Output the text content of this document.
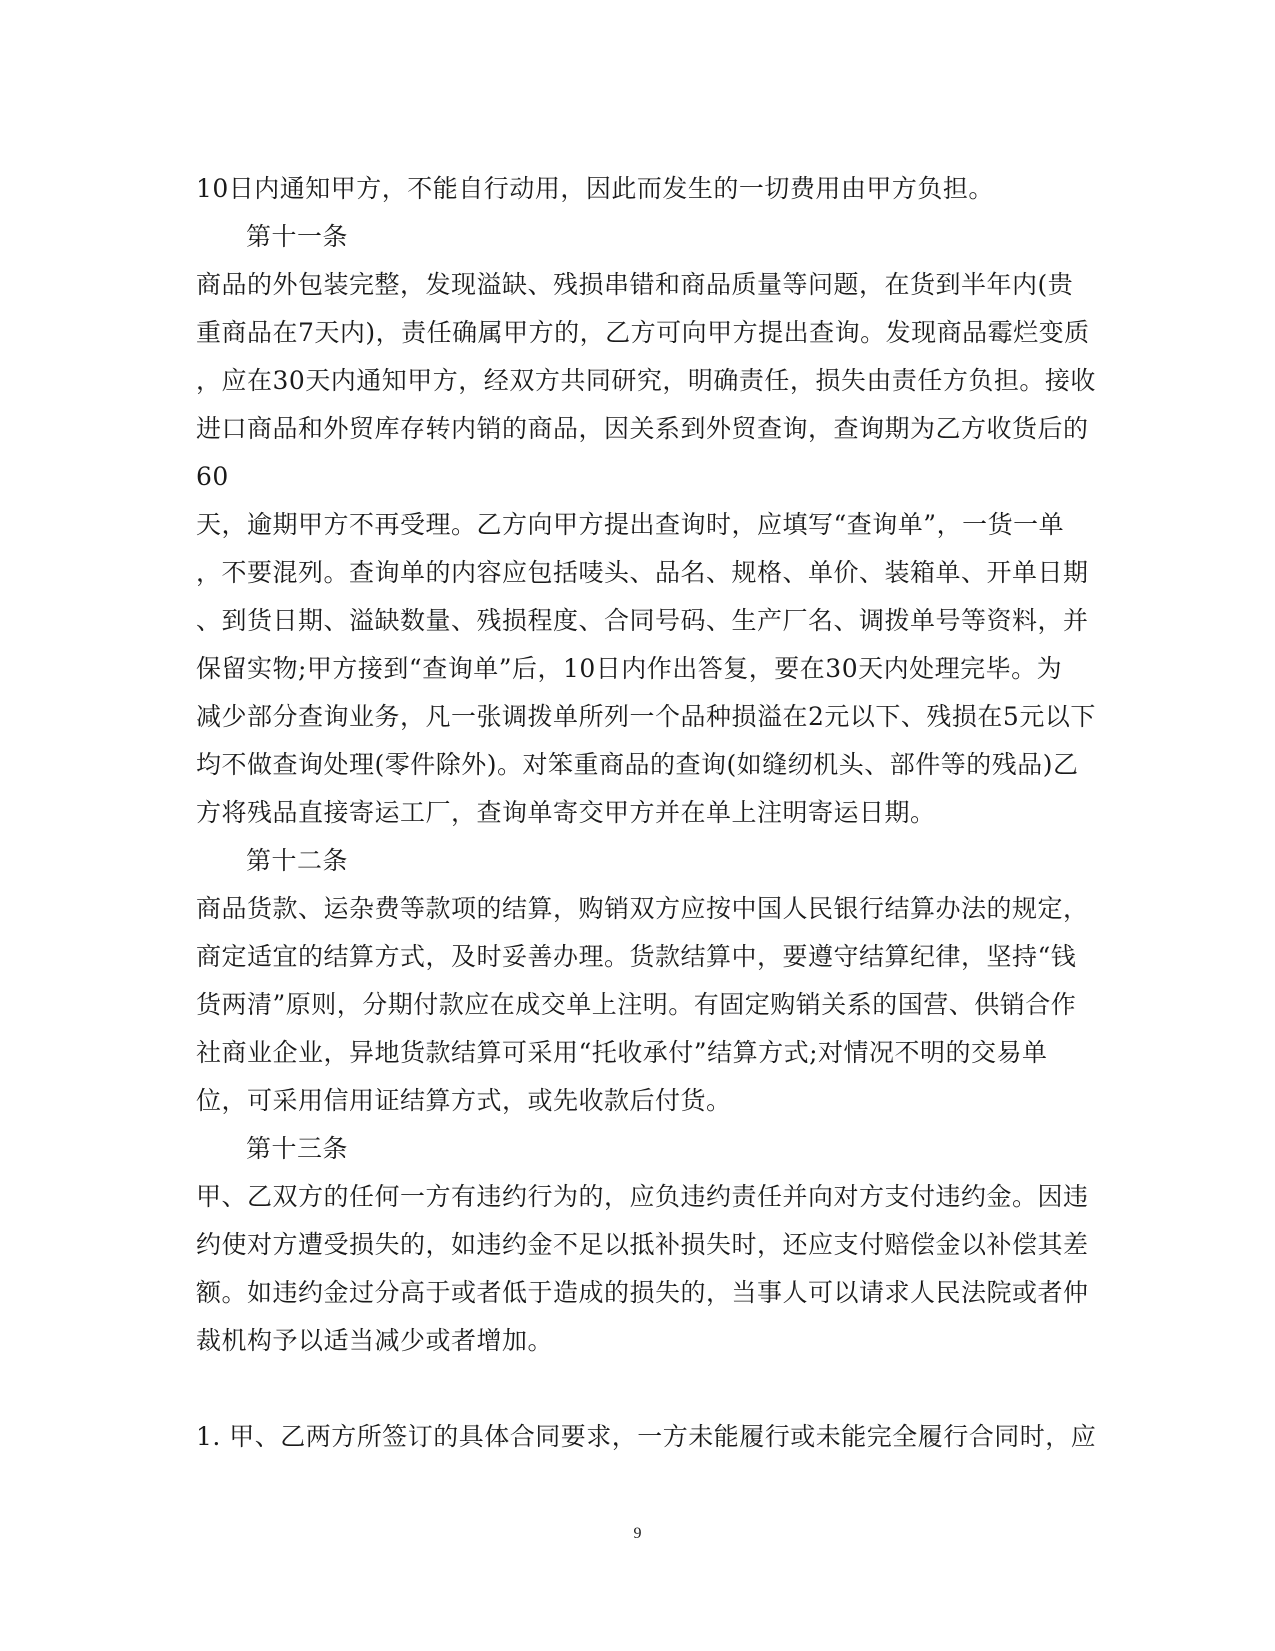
10日内通知甲方，不能自行动用，因此而发生的一切费用由甲方负担。
第十一条
商品的外包装完整，发现溢缺、残损串错和商品质量等问题，在货到半年内(贵
重商品在7天内)，责任确属甲方的，乙方可向甲方提出查询。发现商品霉烂变质
，应在30天内通知甲方，经双方共同研究，明确责任，损失由责任方负担。接收
进口商品和外贸库存转内销的商品，因关系到外贸查询，查询期为乙方收货后的
60
天，逾期甲方不再受理。乙方向甲方提出查询时，应填写“查询单”，一货一单
，不要混列。查询单的内容应包括唛头、品名、规格、单价、装箱单、开单日期
、到货日期、溢缺数量、残损程度、合同号码、生产厂名、调拨单号等资料，并
保留实物;甲方接到“查询单”后，10日内作出答复，要在30天内处理完毕。为
减少部分查询业务，凡一张调拨单所列一个品种损溢在2元以下、残损在5元以下
均不做查询处理(零件除外)。对笨重商品的查询(如缝纫机头、部件等的残品)乙
方将残品直接寄运工厂，查询单寄交甲方并在单上注明寄运日期。
第十二条
商品货款、运杂费等款项的结算，购销双方应按中国人民银行结算办法的规定，
商定适宜的结算方式，及时妥善办理。货款结算中，要遵守结算纪律，坚持“钱
货两清”原则，分期付款应在成交单上注明。有固定购销关系的国营、供销合作
社商业企业，异地货款结算可采用“托收承付”结算方式;对情况不明的交易单
位，可采用信用证结算方式，或先收款后付货。
第十三条
甲、乙双方的任何一方有违约行为的，应负违约责任并向对方支付违约金。因违
约使对方遭受损失的，如违约金不足以抵补损失时，还应支付赔偿金以补偿其差
额。如违约金过分高于或者低于造成的损失的，当事人可以请求人民法院或者仲
裁机构予以适当减少或者增加。
1. 甲、乙两方所签订的具体合同要求，一方未能履行或未能完全履行合同时，应
9
